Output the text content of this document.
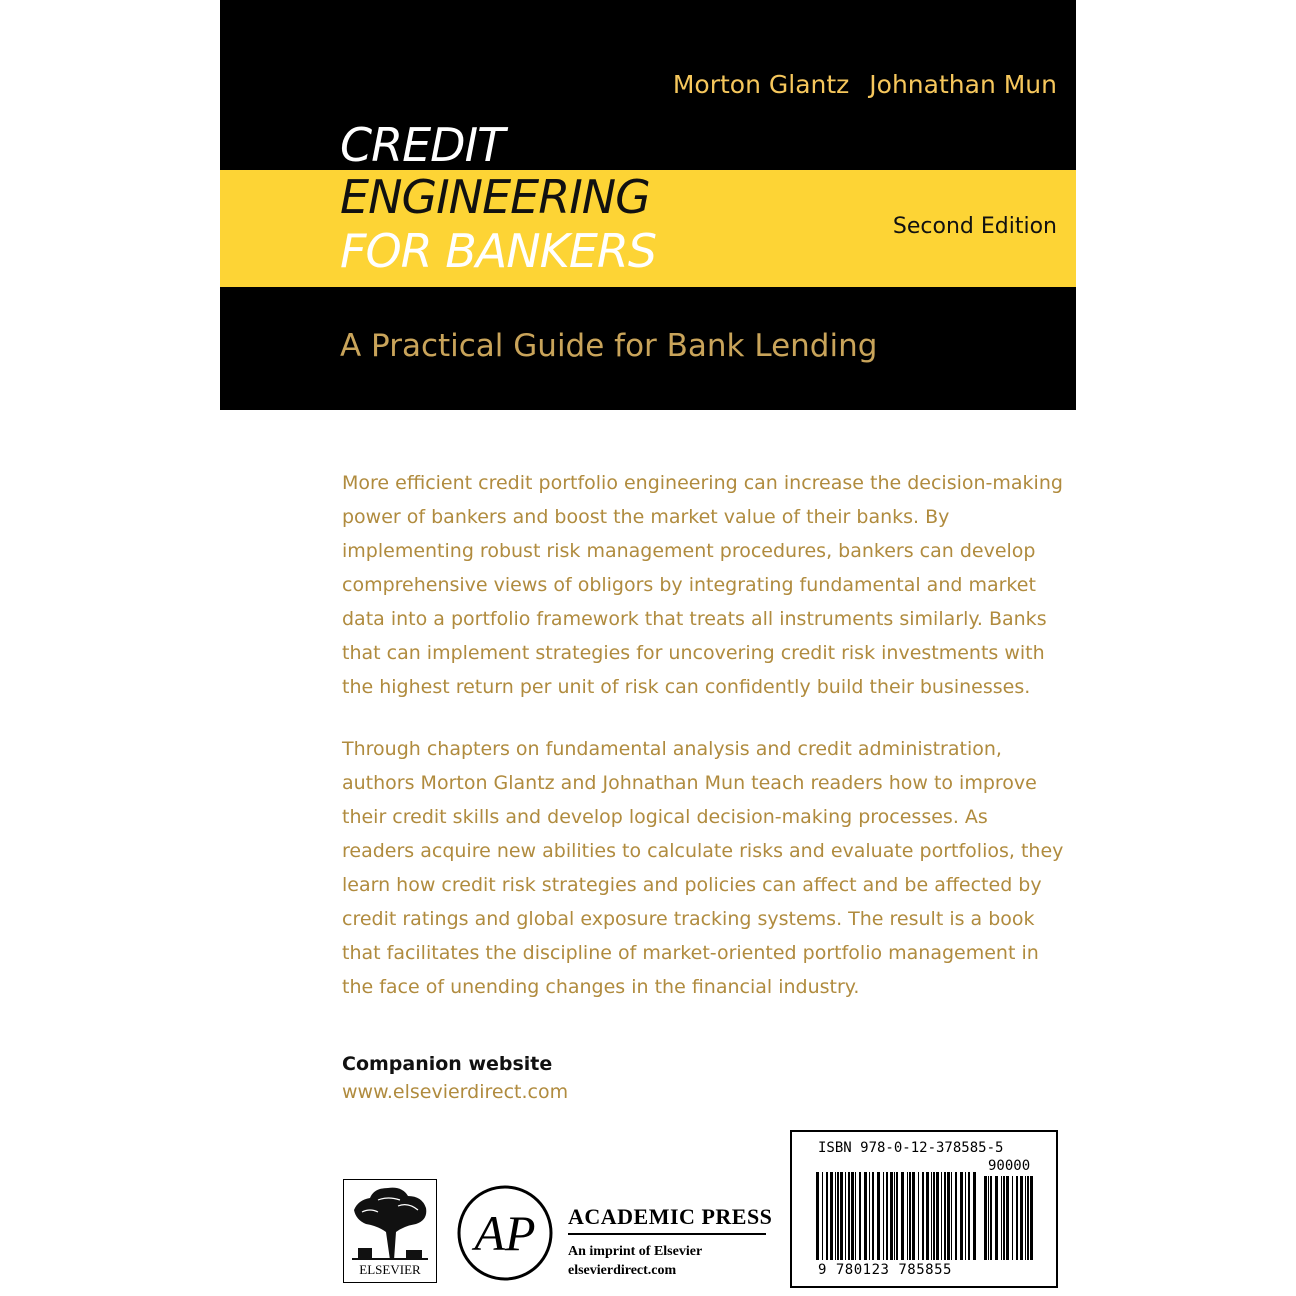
Morton Glantz Johnathan Mun
CREDIT
ENGINEERING
FOR BANKERS	Second Edition
A Practical Guide for Bank Lending

More efficient credit portfolio engineering can increase the decision-making power of bankers and boost the market value of their banks. By implementing robust risk management procedures, bankers can develop comprehensive views of obligors by integrating fundamental and market data into a portfolio framework that treats all instruments similarly. Banks that can implement strategies for uncovering credit risk investments with the highest return per unit of risk can confidently build their businesses.

Through chapters on fundamental analysis and credit administration, authors Morton Glantz and Johnathan Mun teach readers how to improve their credit skills and develop logical decision-making processes. As readers acquire new abilities to calculate risks and evaluate portfolios, they learn how credit risk strategies and policies can affect and be affected by credit ratings and global exposure tracking systems. The result is a book that facilitates the discipline of market-oriented portfolio management in the face of unending changes in the financial industry.

Companion website
www.elsevierdirect.com
ELSEVIER
AP ACADEMIC PRESS
An imprint of Elsevier
elsevierdirect.com
ISBN 978-0-12-378585-5
90000
9 780123 785855
